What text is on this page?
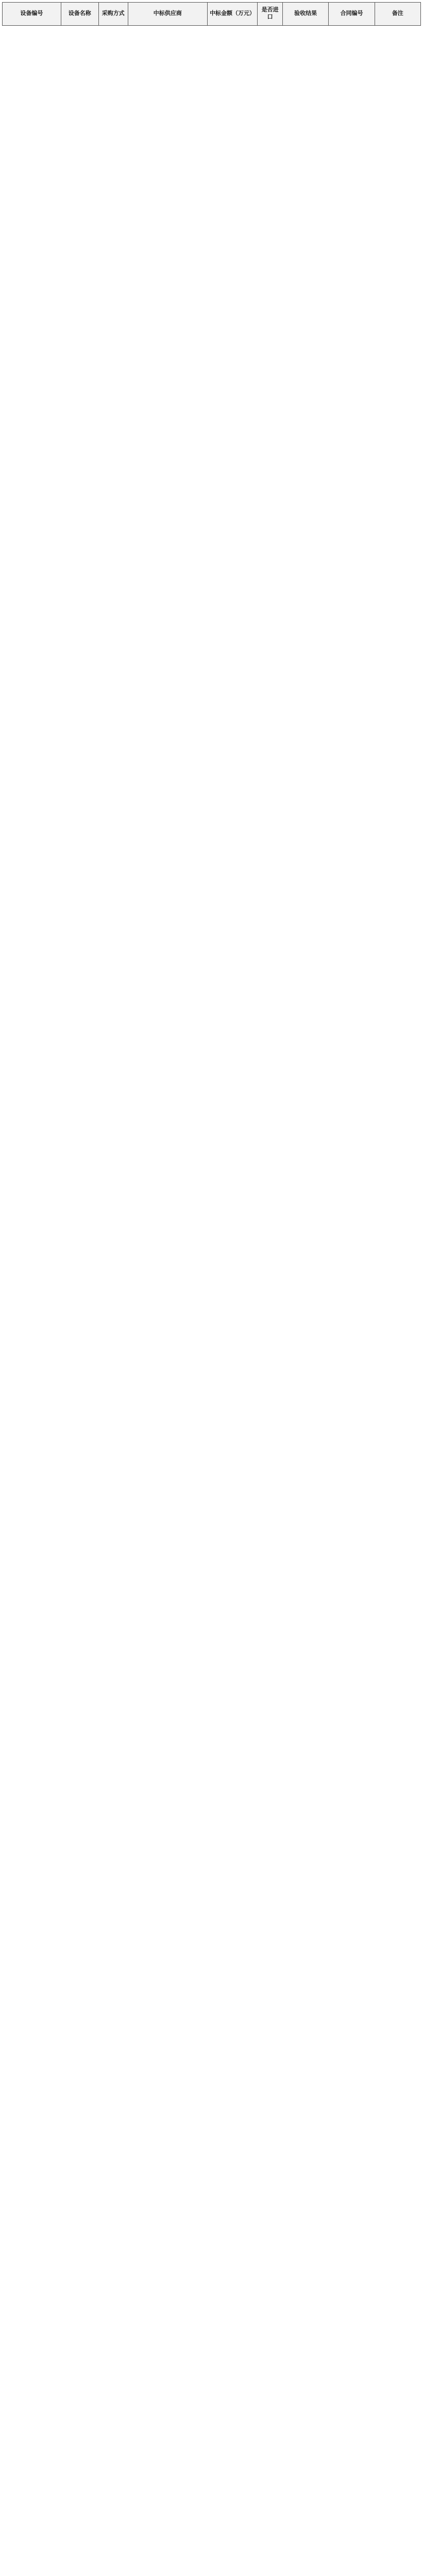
设备编号	设备名称	采购方式	中标供应商	中标金额（万元）	是否进口	验收结果	合同编号	备注
